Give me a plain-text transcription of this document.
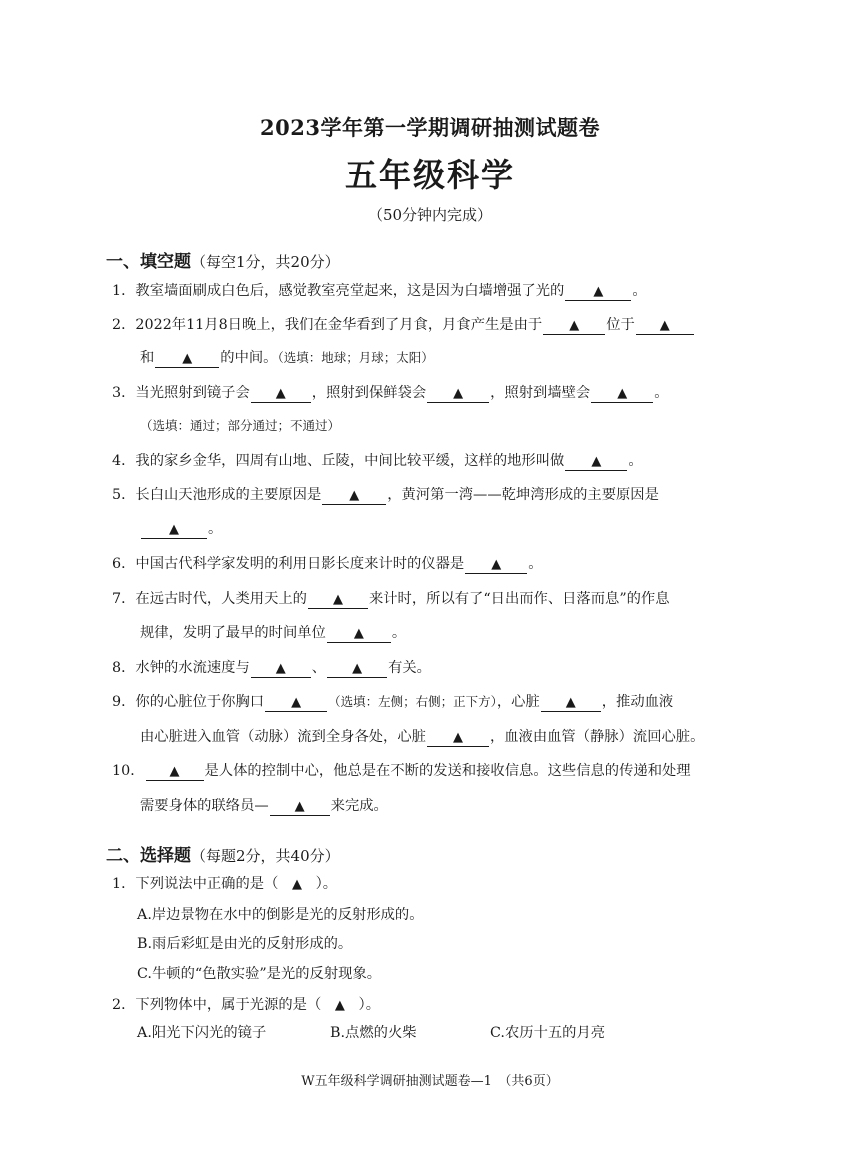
2023学年第一学期调研抽测试题卷
五年级科学
（50分钟内完成）
一、填空题（每空1分，共20分）
1．教室墙面刷成白色后，感觉教室亮堂起来，这是因为白墙增强了光的 ▲ 。
2．2022年11月8日晚上，我们在金华看到了月食，月食产生是由于 ▲ 位于 ▲
和 ▲ 的中间。（选填：地球；月球；太阳）
3．当光照射到镜子会 ▲ ，照射到保鲜袋会 ▲ ，照射到墙壁会 ▲ 。
（选填：通过；部分通过；不通过）
4．我的家乡金华，四周有山地、丘陵，中间比较平缓，这样的地形叫做 ▲ 。
5．长白山天池形成的主要原因是 ▲ ，黄河第一湾——乾坤湾形成的主要原因是
▲ 。
6．中国古代科学家发明的利用日影长度来计时的仪器是 ▲ 。
7．在远古时代，人类用天上的 ▲ 来计时，所以有了“日出而作、日落而息”的作息
规律，发明了最早的时间单位 ▲ 。
8．水钟的水流速度与 ▲ 、 ▲ 有关。
9．你的心脏位于你胸口 ▲ （选填：左侧；右侧；正下方），心脏 ▲ ，推动血液
由心脏进入血管（动脉）流到全身各处，心脏 ▲ ，血液由血管（静脉）流回心脏。
10． ▲ 是人体的控制中心，他总是在不断的发送和接收信息。这些信息的传递和处理
需要身体的联络员— ▲ 来完成。
二、选择题（每题2分，共40分）
1．下列说法中正确的是（ ▲ ）。
A.岸边景物在水中的倒影是光的反射形成的。
B.雨后彩虹是由光的反射形成的。
C.牛顿的“色散实验”是光的反射现象。
2．下列物体中，属于光源的是（ ▲ ）。
A.阳光下闪光的镜子	B.点燃的火柴	C.农历十五的月亮
W五年级科学调研抽测试题卷—1　（共6页）
